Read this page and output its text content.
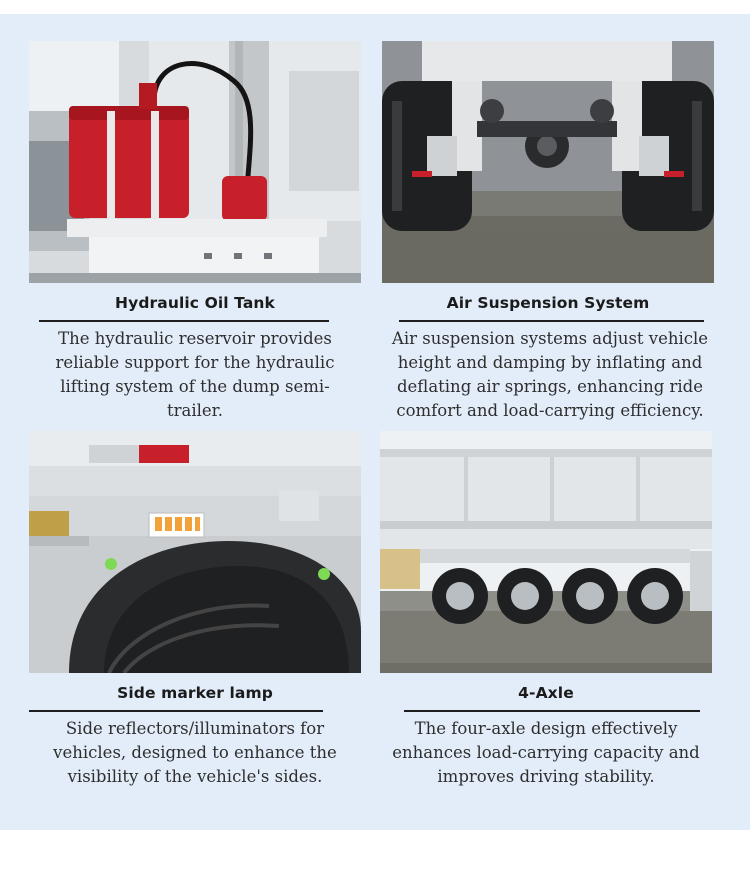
Hydraulic Oil Tank
The hydraulic reservoir provides reliable support for the hydraulic lifting system of the dump semi-trailer.
Air Suspension System
Air suspension systems adjust vehicle height and damping by inflating and deflating air springs, enhancing ride comfort and load-carrying efficiency.
Side marker lamp
Side reflectors/illuminators for vehicles, designed to enhance the visibility of the vehicle's sides.
4-Axle
The four-axle design effectively enhances load-carrying capacity and improves driving stability.
